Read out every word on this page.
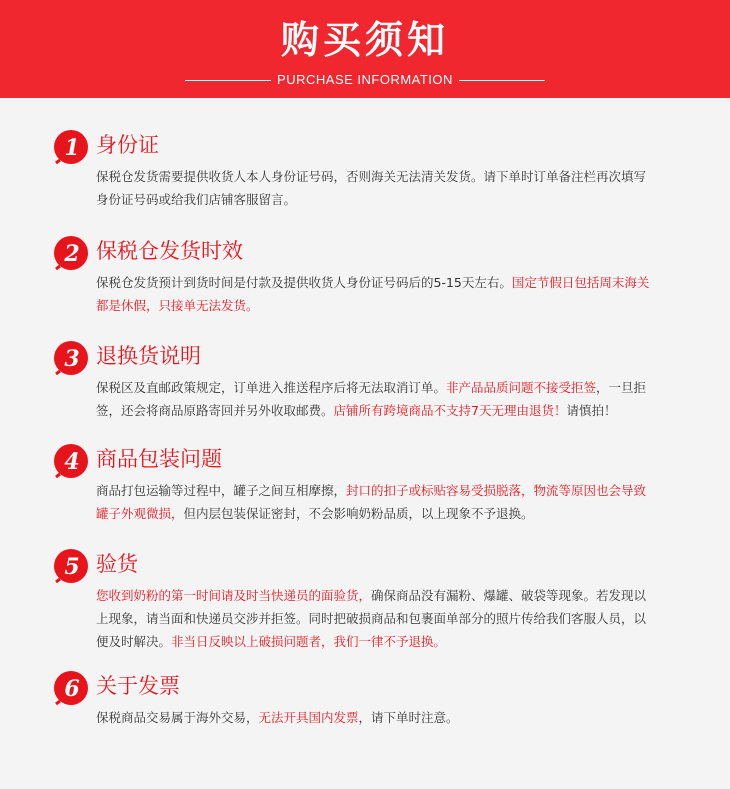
购买须知
PURCHASE INFORMATION
1 身份证
保税仓发货需要提供收货人本人身份证号码，否则海关无法清关发货。请下单时订单备注栏再次填写
身份证号码或给我们店铺客服留言。
2 保税仓发货时效
保税仓发货预计到货时间是付款及提供收货人身份证号码后的5-15天左右。国定节假日包括周末海关
都是休假，只接单无法发货。
3 退换货说明
保税区及直邮政策规定，订单进入推送程序后将无法取消订单。非产品品质问题不接受拒签，一旦拒
签，还会将商品原路寄回并另外收取邮费。店铺所有跨境商品不支持7天无理由退货！请慎拍！
4 商品包装问题
商品打包运输等过程中，罐子之间互相摩擦，封口的扣子或标贴容易受损脱落，物流等原因也会导致
罐子外观微损，但内层包装保证密封，不会影响奶粉品质，以上现象不予退换。
5 验货
您收到奶粉的第一时间请及时当快递员的面验货，确保商品没有漏粉、爆罐、破袋等现象。若发现以
上现象，请当面和快递员交涉并拒签。同时把破损商品和包裹面单部分的照片传给我们客服人员，以
便及时解决。非当日反映以上破损问题者，我们一律不予退换。
6 关于发票
保税商品交易属于海外交易，无法开具国内发票，请下单时注意。
